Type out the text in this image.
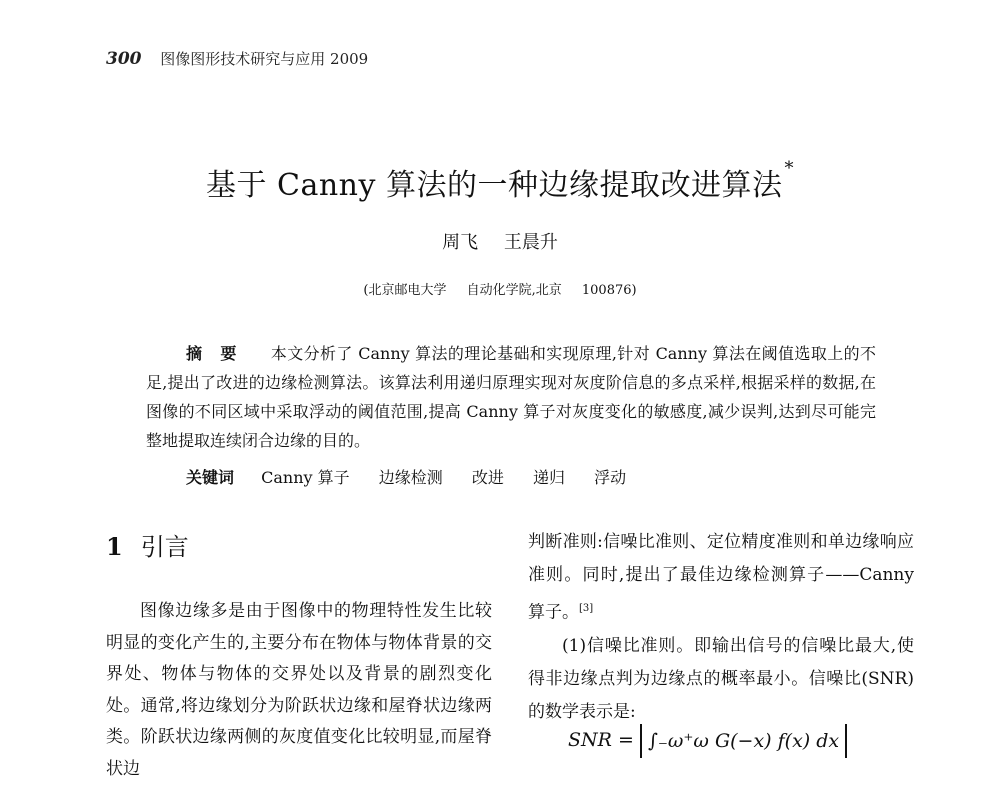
300 图像图形技术研究与应用 2009
基于 Canny 算法的一种边缘提取改进算法 *
周飞 王晨升
(北京邮电大学 自动化学院,北京 100876)
摘要 本文分析了 Canny 算法的理论基础和实现原理,针对 Canny 算法在阈值选取上的不足,提出了改进的边缘检测算法。该算法利用递归原理实现对灰度阶信息的多点采样,根据采样的数据,在图像的不同区域中采取浮动的阈值范围,提高 Canny 算子对灰度变化的敏感度,减少误判,达到尽可能完整地提取连续闭合边缘的目的。
关键词 Canny 算子 边缘检测 改进 递归 浮动
1 引言

图像边缘多是由于图像中的物理特性发生比较明显的变化产生的,主要分布在物体与物体背景的交界处、物体与物体的交界处以及背景的剧烈变化处。通常,将边缘划分为阶跃状边缘和屋脊状边缘两类。阶跃状边缘两侧的灰度值变化比较明显,而屋脊状边

判断准则:信噪比准则、定位精度准则和单边缘响应准则。同时,提出了最佳边缘检测算子——Canny 算子。[3]

(1)信噪比准则。即输出信号的信噪比最大,使得非边缘点判为边缘点的概率最小。信噪比(SNR)的数学表示是:

SNR = ∫₋ω⁺ω G(−x) f(x) dx
